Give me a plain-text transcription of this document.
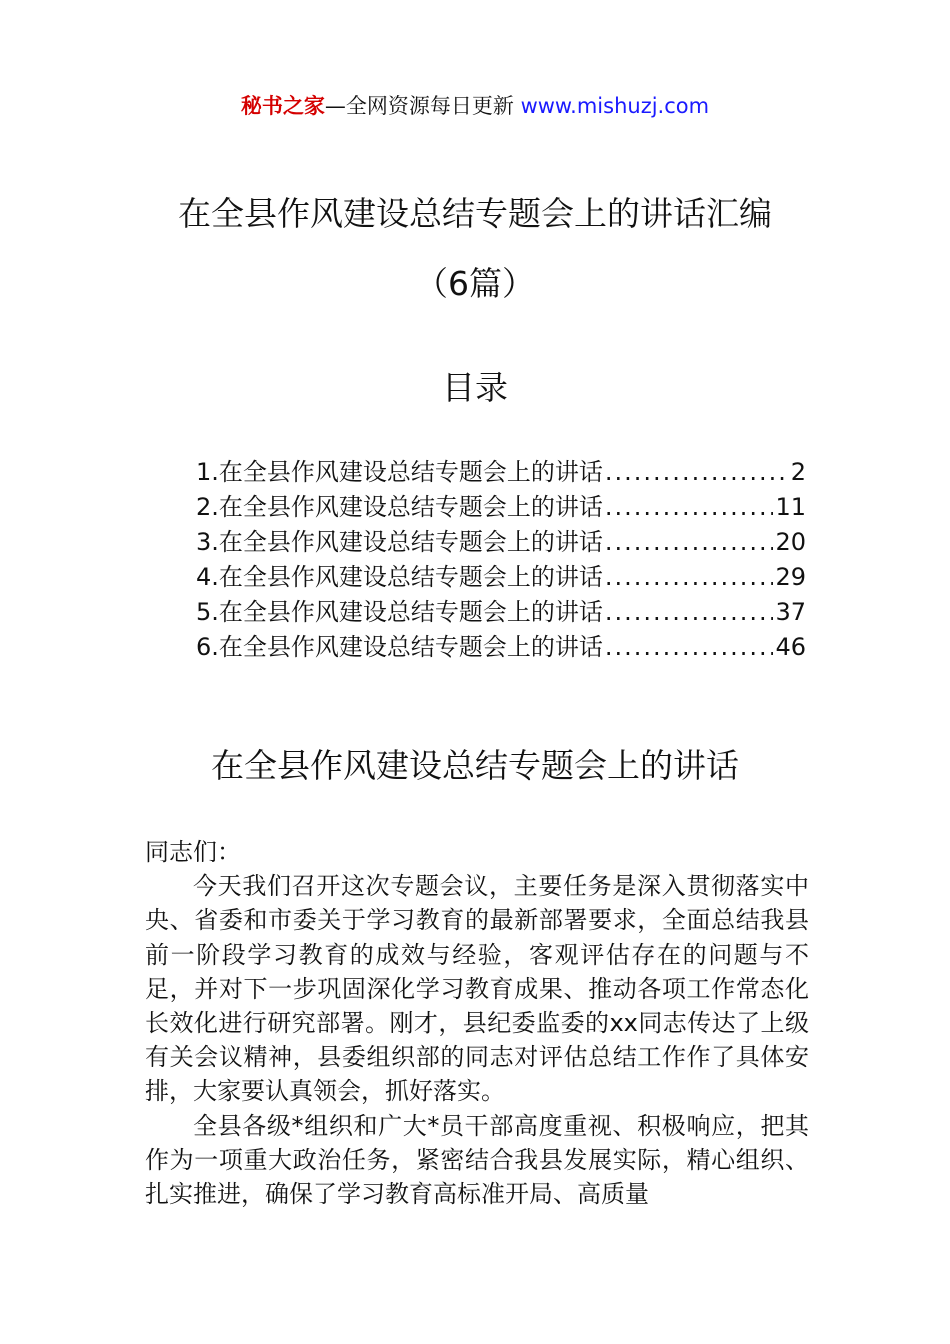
秘书之家—全网资源每日更新 www.mishuzj.com
在全县作风建设总结专题会上的讲话汇编
（6篇）
目录
1.在全县作风建设总结专题会上的讲话 .....	2
2.在全县作风建设总结专题会上的讲话 .....	11
3.在全县作风建设总结专题会上的讲话 .....	20
4.在全县作风建设总结专题会上的讲话 .....	29
5.在全县作风建设总结专题会上的讲话 .....	37
6.在全县作风建设总结专题会上的讲话 .....	46
在全县作风建设总结专题会上的讲话

同志们：

今天我们召开这次专题会议，主要任务是深入贯彻落实中央、省委和市委关于学习教育的最新部署要求，全面总结我县前一阶段学习教育的成效与经验，客观评估存在的问题与不足，并对下一步巩固深化学习教育成果、推动各项工作常态化长效化进行研究部署。刚才，县纪委监委的xx同志传达了上级有关会议精神，县委组织部的同志对评估总结工作作了具体安排，大家要认真领会，抓好落实。

全县各级*组织和广大*员干部高度重视、积极响应，把其作为一项重大政治任务，紧密结合我县发展实际，精心组织、扎实推进，确保了学习教育高标准开局、高质量
